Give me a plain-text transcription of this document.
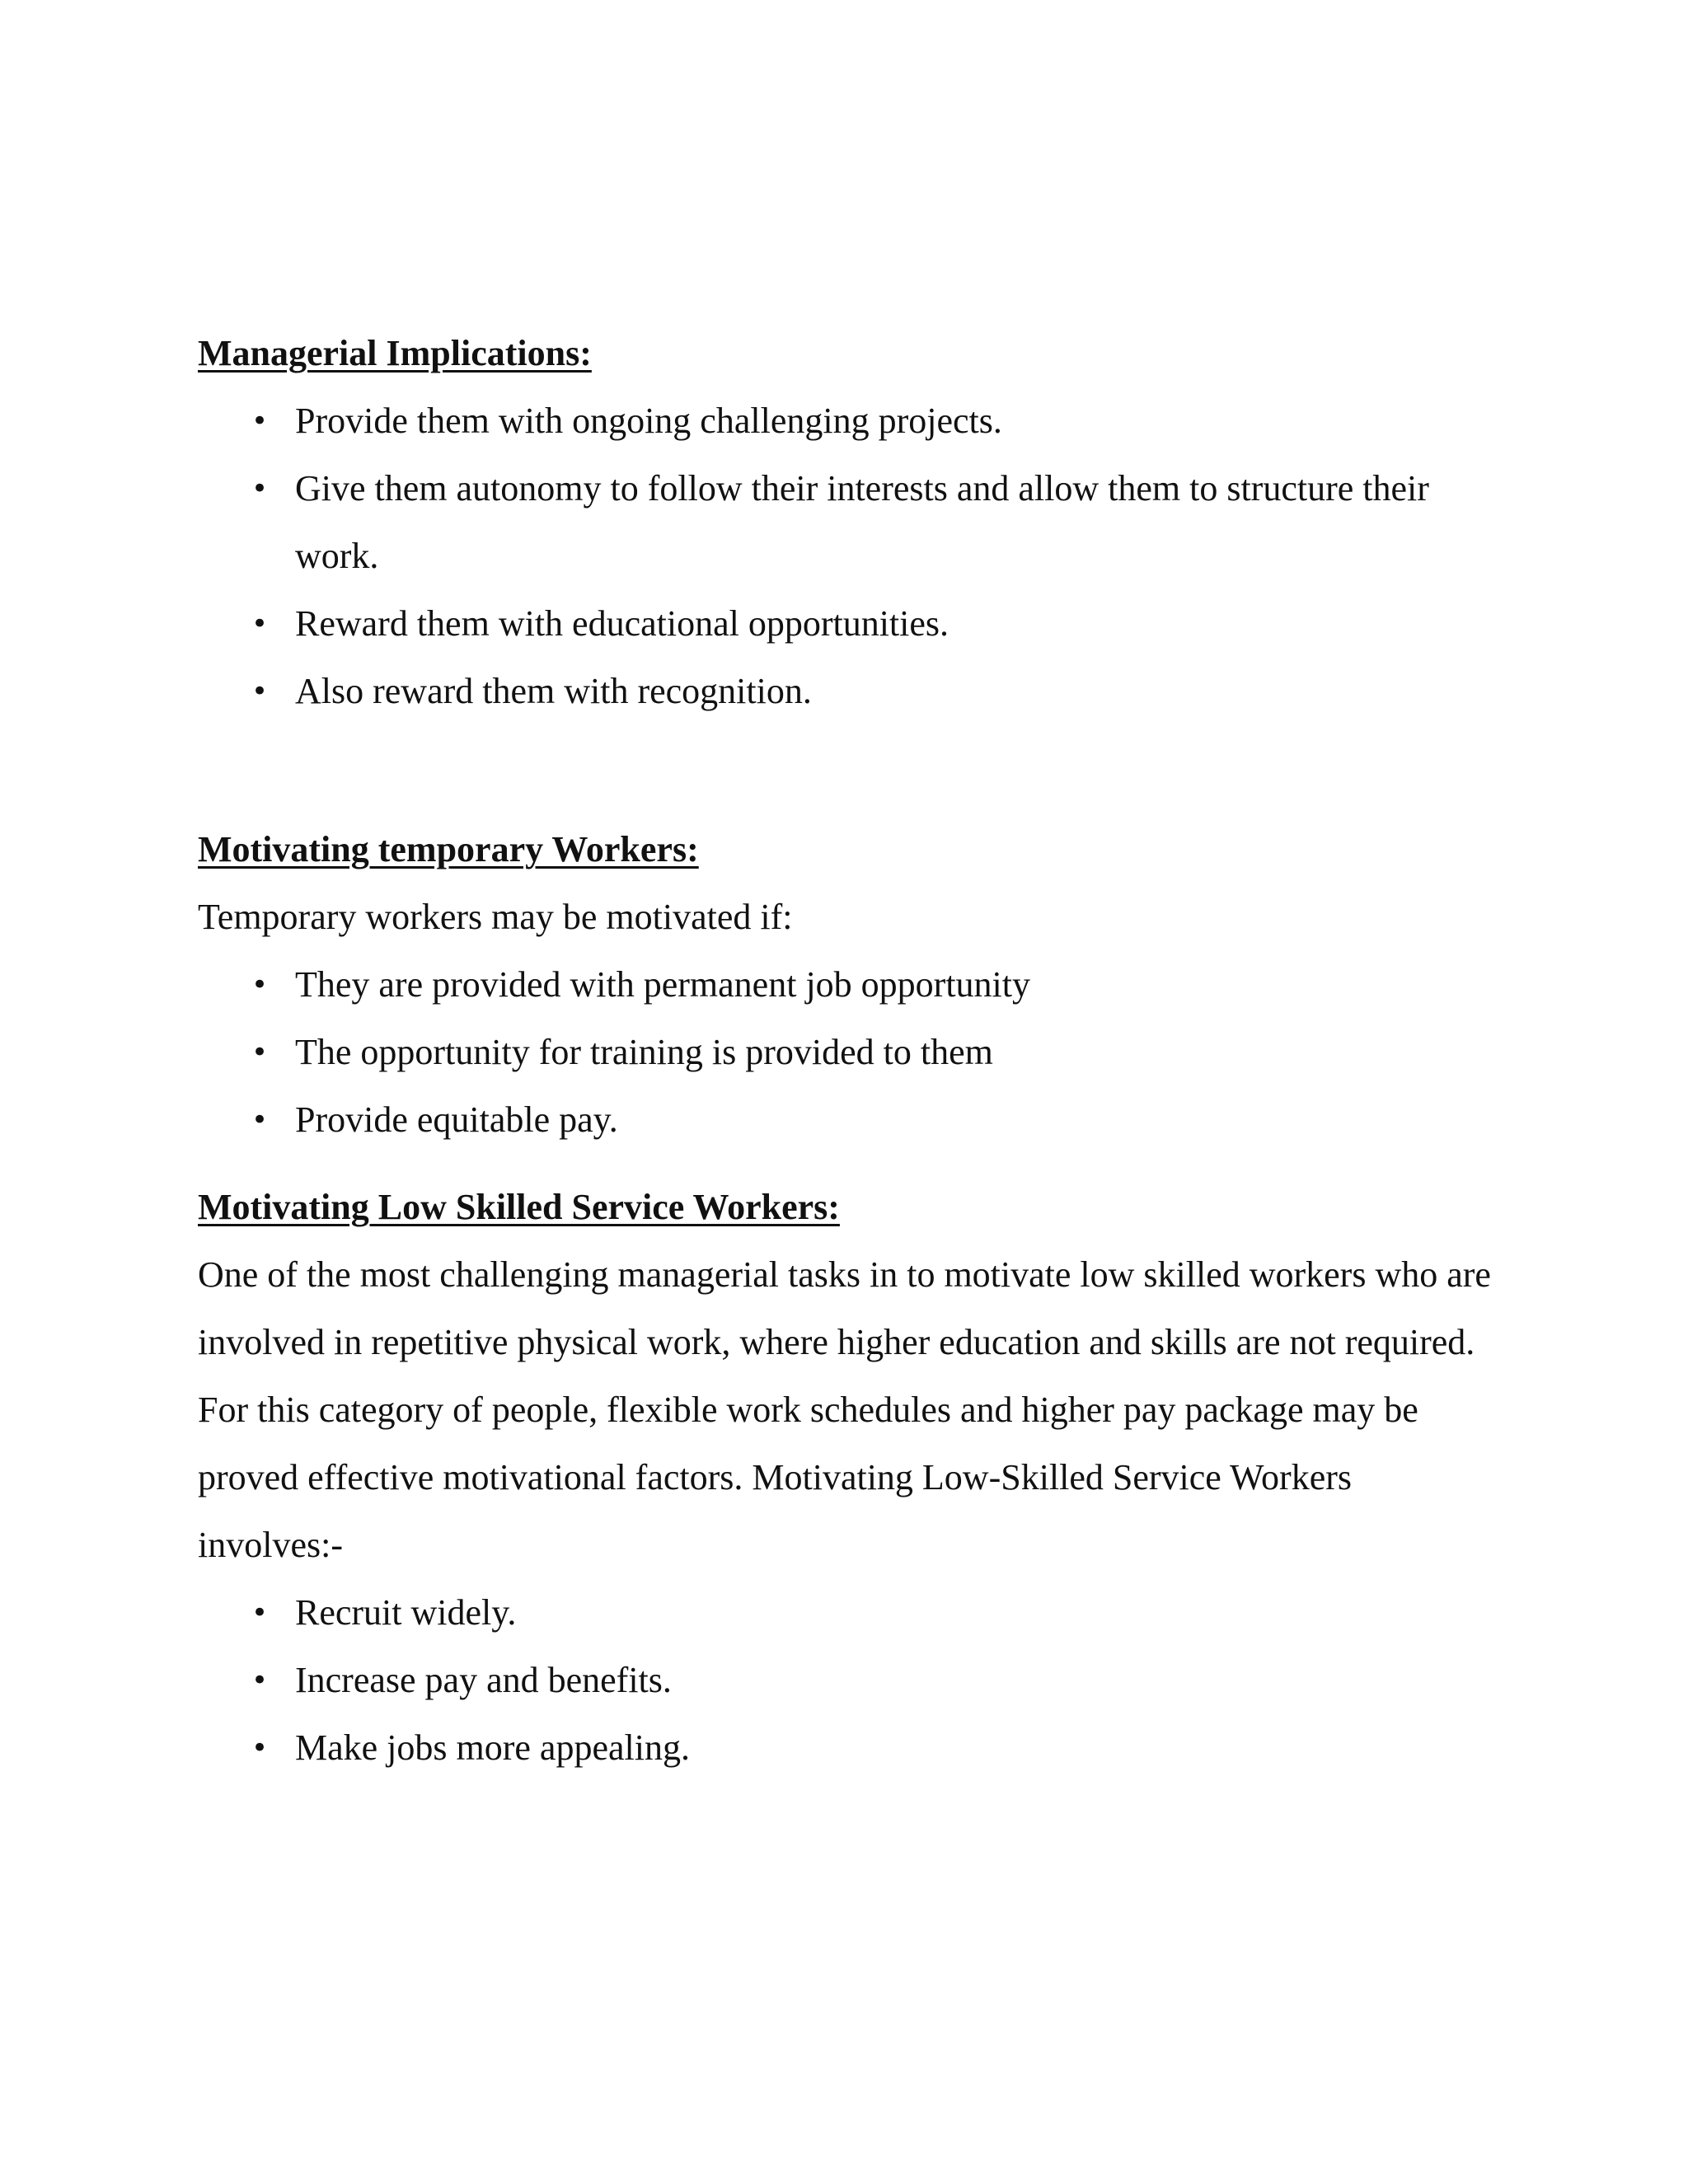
Managerial Implications:
• Provide them with ongoing challenging projects.
• Give them autonomy to follow their interests and allow them to structure their work.
• Reward them with educational opportunities.
• Also reward them with recognition.
Motivating temporary Workers:

Temporary workers may be motivated if:

• They are provided with permanent job opportunity
• The opportunity for training is provided to them
• Provide equitable pay.
Motivating Low Skilled Service Workers:

One of the most challenging managerial tasks in to motivate low skilled workers who are involved in repetitive physical work, where higher education and skills are not required. For this category of people, flexible work schedules and higher pay package may be proved effective motivational factors. Motivating Low-Skilled Service Workers involves:-

• Recruit widely.
• Increase pay and benefits.
• Make jobs more appealing.
